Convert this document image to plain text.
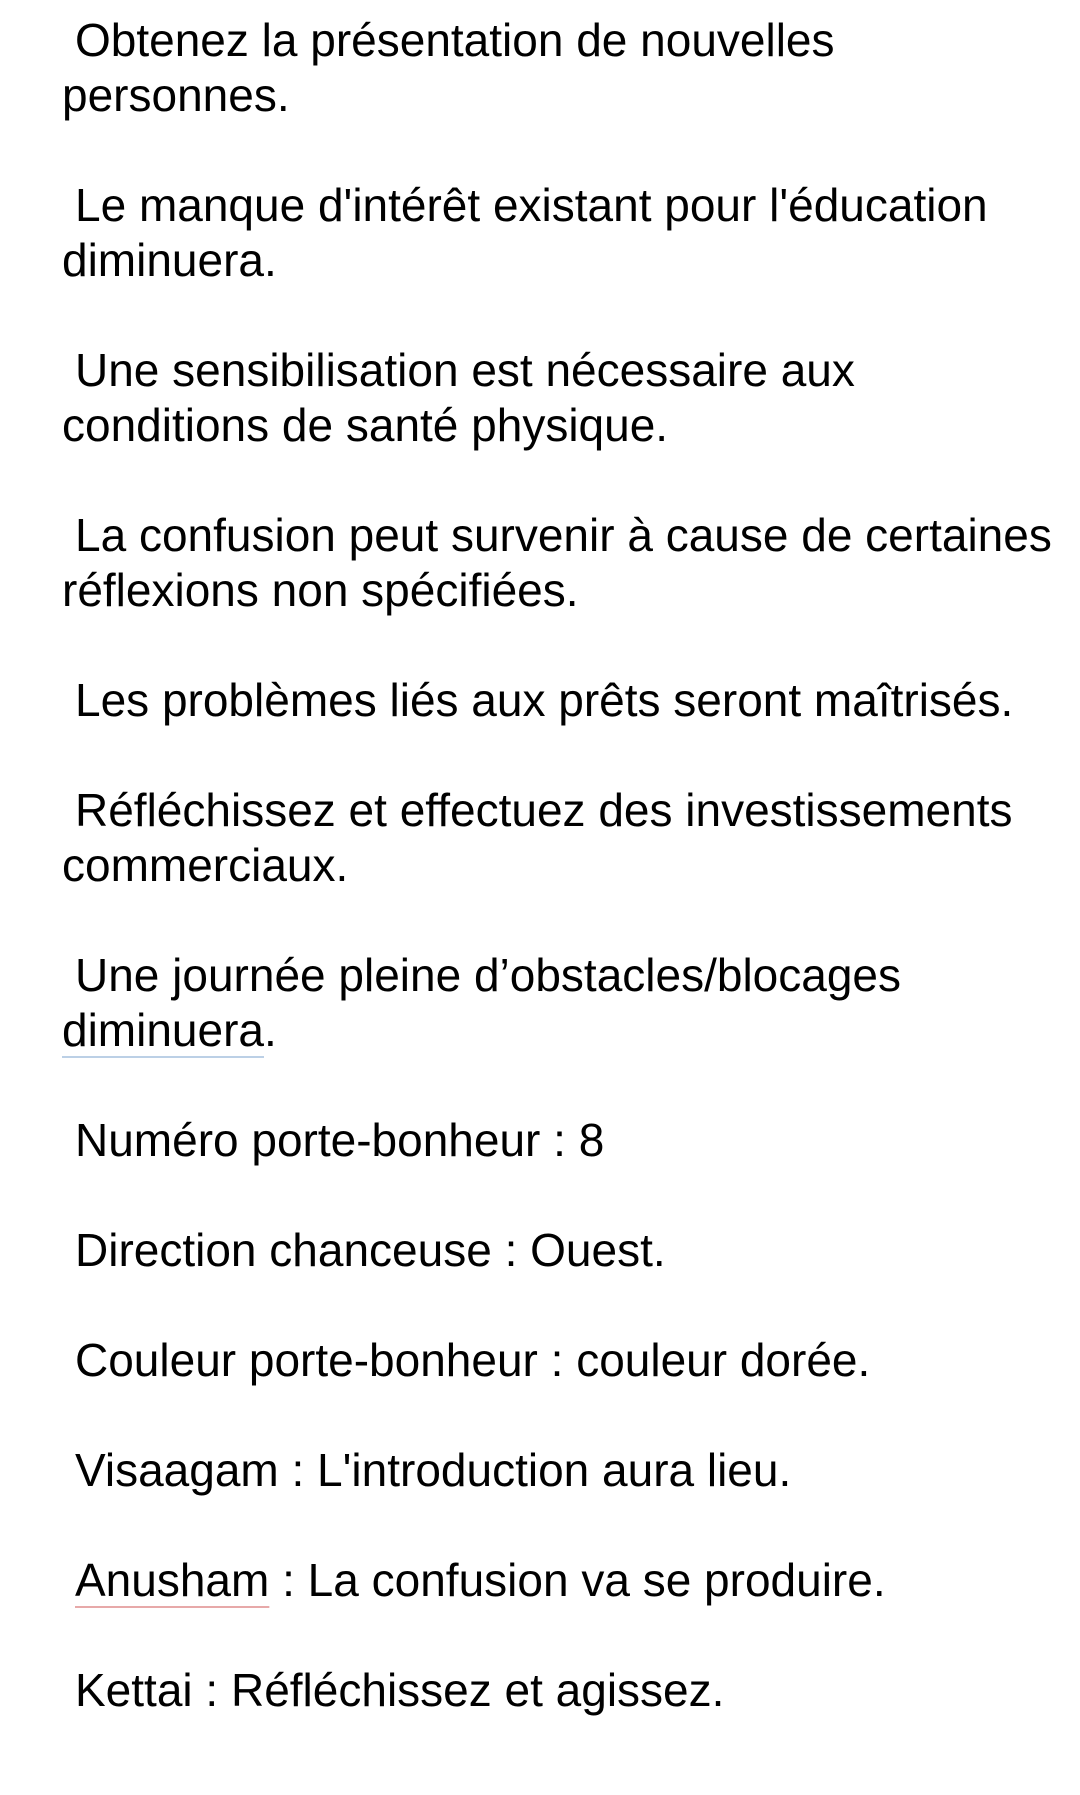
Obtenez la présentation de nouvelles personnes.

Le manque d'intérêt existant pour l'éducation diminuera.

Une sensibilisation est nécessaire aux conditions de santé physique.

La confusion peut survenir à cause de certaines réflexions non spécifiées.

Les problèmes liés aux prêts seront maîtrisés.

Réfléchissez et effectuez des investissements commerciaux.

Une journée pleine d’obstacles/blocages diminuera.

Numéro porte-bonheur : 8

Direction chanceuse : Ouest.

Couleur porte-bonheur : couleur dorée.

Visaagam : L'introduction aura lieu.

Anusham : La confusion va se produire.

Kettai : Réfléchissez et agissez.
